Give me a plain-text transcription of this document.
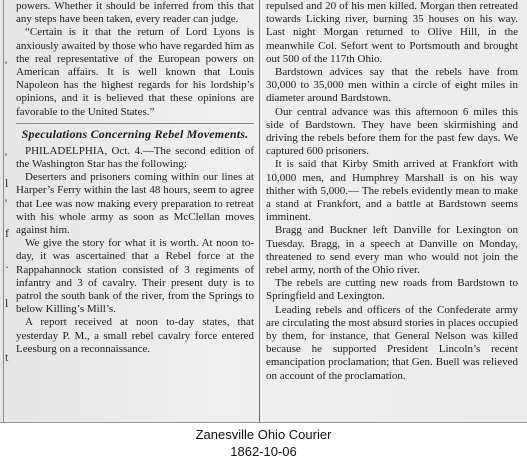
'
'
l
'
f
·
l
t

powers. Whether it should be inferred from this that any steps have been taken, every reader can judge.

“Certain is it that the return of Lord Lyons is anxiously awaited by those who have regarded him as the real representative of the European powers on American affairs. It is well known that Louis Napoleon has the highest regards for his lordship’s opinions, and it is believed that these opinions are favorable to the United States.”

Speculations Concerning Rebel Movements.

PHILADELPHIA, Oct. 4.—The second edition of the Washington Star has the following:

Deserters and prisoners coming within our lines at Harper’s Ferry within the last 48 hours, seem to agree that Lee was now making every preparation to retreat with his whole army as soon as McClellan moves against him.

We give the story for what it is worth. At noon to-day, it was ascertained that a Rebel force at the Rappahannock station consisted of 3 regiments of infantry and 3 of cavalry. Their present duty is to patrol the south bank of the river, from the Springs to below Killing’s Mill’s.

A report received at noon to-day states, that yesterday P. M., a small rebel cavalry force entered Leesburg on a reconnaissance.

repulsed and 20 of his men killed. Morgan then retreated towards Licking river, burning 35 houses on his way. Last night Morgan returned to Olive Hill, in the meanwhile Col. Sefort went to Portsmouth and brought out 500 of the 117th Ohio.

Bardstown advices say that the rebels have from 30,000 to 35,000 men within a circle of eight miles in diameter around Bardstown.

Our central advance was this afternoon 6 miles this side of Bardstown. They have been skirmishing and driving the rebels before them for the past few days. We captured 600 prisoners.

It is said that Kirby Smith arrived at Frankfort with 10,000 men, and Humphrey Marshall is on his way thither with 5,000.— The rebels evidently mean to make a stand at Frankfort, and a battle at Bardstown seems imminent.

Bragg and Buckner left Danville for Lexington on Tuesday. Bragg, in a speech at Danville on Monday, threatened to send every man who would not join the rebel army, north of the Ohio river.

The rebels are cutting new roads from Bardstown to Springfield and Lexington.

Leading rebels and officers of the Confederate army are circulating the most absurd stories in places occupied by them, for instance, that General Nelson was killed because he supported President Lincoln’s recent emancipation proclamation; that Gen. Buell was relieved on account of the proclamation.

Zanesville Ohio Courier
1862-10-06
